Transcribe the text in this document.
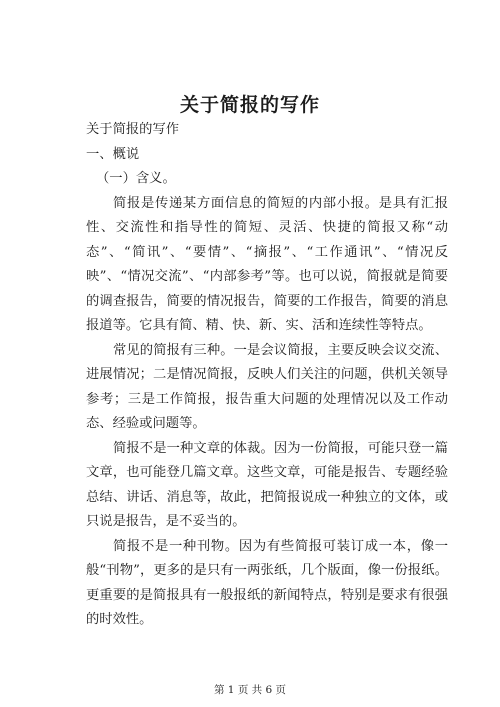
关于简报的写作

关于简报的写作

一、概说

（一）含义。

简报是传递某方面信息的简短的内部小报。是具有汇报性、交流性和指导性的简短、灵活、快捷的简报又称“动态”、“简讯”、“要情”、“摘报”、“工作通讯”、“情况反映”、“情况交流”、“内部参考”等。也可以说，简报就是简要的调查报告，简要的情况报告，简要的工作报告，简要的消息报道等。它具有简、精、快、新、实、活和连续性等特点。

常见的简报有三种。一是会议简报，主要反映会议交流、进展情况；二是情况简报，反映人们关注的问题，供机关领导参考；三是工作简报，报告重大问题的处理情况以及工作动态、经验或问题等。

简报不是一种文章的体裁。因为一份简报，可能只登一篇文章，也可能登几篇文章。这些文章，可能是报告、专题经验总结、讲话、消息等，故此，把简报说成一种独立的文体，或只说是报告，是不妥当的。

简报不是一种刊物。因为有些简报可装订成一本，像一般“刊物”，更多的是只有一两张纸，几个版面，像一份报纸。更重要的是简报具有一般报纸的新闻特点，特别是要求有很强的时效性。

第 1 页 共 6 页
